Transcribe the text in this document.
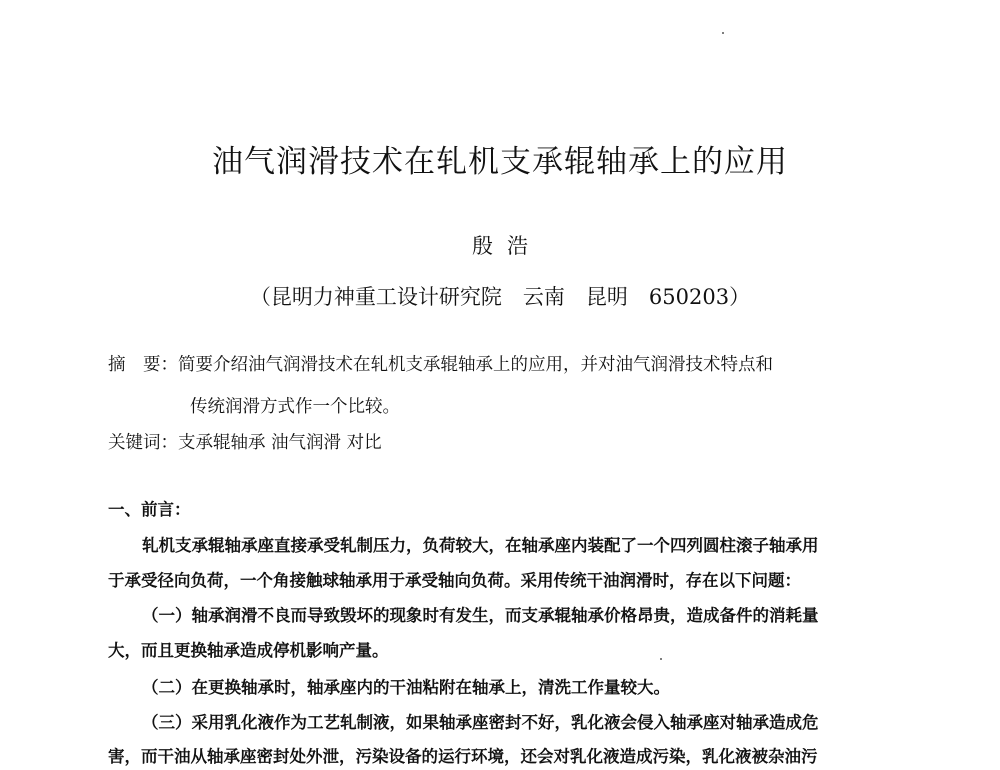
油气润滑技术在轧机支承辊轴承上的应用
殷浩
（昆明力神重工设计研究院　云南　昆明　650203）
摘　要：简要介绍油气润滑技术在轧机支承辊轴承上的应用，并对油气润滑技术特点和
传统润滑方式作一个比较。
关键词：支承辊轴承 油气润滑 对比
一、前言：
轧机支承辊轴承座直接承受轧制压力，负荷较大，在轴承座内装配了一个四列圆柱滚子轴承用
于承受径向负荷，一个角接触球轴承用于承受轴向负荷。采用传统干油润滑时，存在以下问题：
（一）轴承润滑不良而导致毁坏的现象时有发生，而支承辊轴承价格昂贵，造成备件的消耗量
大，而且更换轴承造成停机影响产量。
（二）在更换轴承时，轴承座内的干油粘附在轴承上，清洗工作量较大。
（三）采用乳化液作为工艺轧制液，如果轴承座密封不好，乳化液会侵入轴承座对轴承造成危
害，而干油从轴承座密封处外泄，污染设备的运行环境，还会对乳化液造成污染，乳化液被杂油污
